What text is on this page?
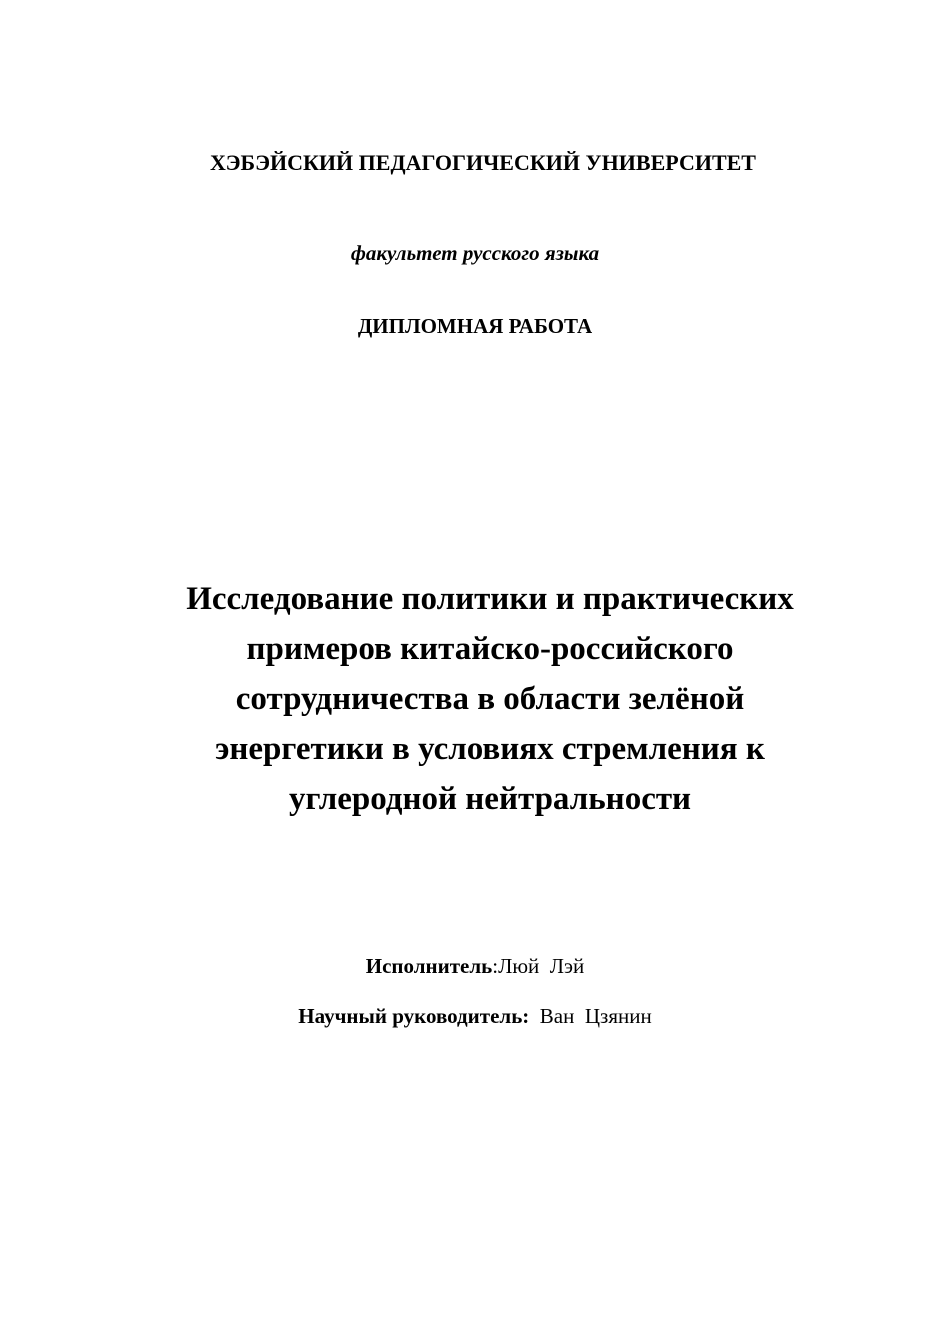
ХЭБЭЙСКИЙ ПЕДАГОГИЧЕСКИЙ УНИВЕРСИТЕТ
факультет русского языка
ДИПЛОМНАЯ РАБОТА
Исследование политики и практических
примеров китайско-российского
сотрудничества в области зелёной
энергетики в условиях стремления к
углеродной нейтральности
Исполнитель:Люй  Лэй
Научный руководитель: Ван  Цзянин
